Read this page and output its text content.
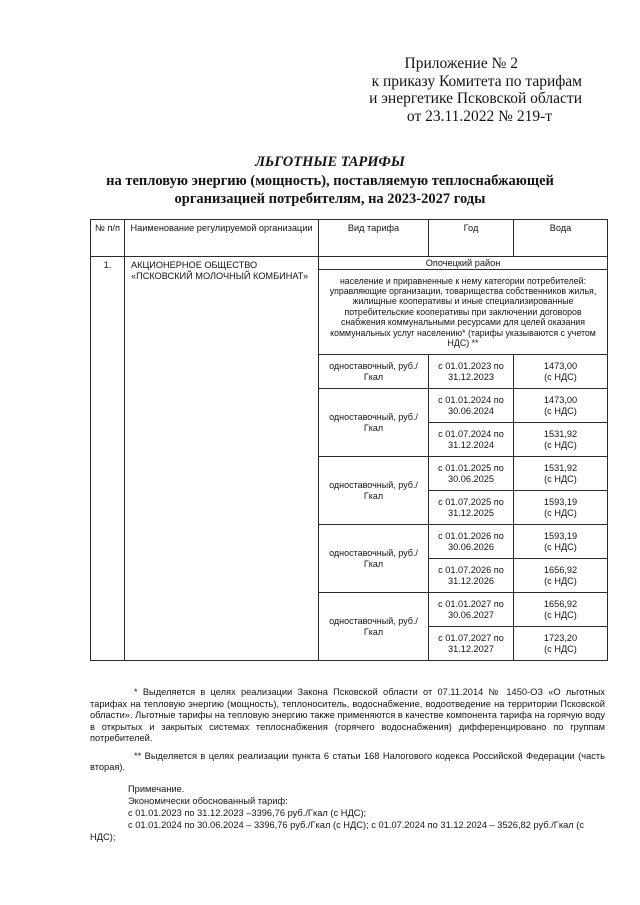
Приложение № 2
к приказу Комитета по тарифам
и энергетике Псковской области
от 23.11.2022 № 219-т
ЛЬГОТНЫЕ ТАРИФЫ
на тепловую энергию (мощность), поставляемую теплоснабжающей
организацией потребителям, на 2023-2027 годы
№ п/п	Наименование регулируемой организации	Вид тарифа	Год	Вода
1.	АКЦИОНЕРНОЕ ОБЩЕСТВО «ПСКОВСКИЙ МОЛОЧНЫЙ КОМБИНАТ»	Опочецкий район		
		население и приравненные к нему категории потребителей: управляющие организации, товарищества собственников жилья, жилищные кооперативы и иные специализированные потребительские кооперативы при заключении договоров снабжения коммунальными ресурсами для целей оказания коммунальных услуг населению* (тарифы указываются с учетом НДС) **		
		одноставочный, руб./Гкал	с 01.01.2023 по 31.12.2023	1473,00
(с НДС)

		одноставочный, руб./Гкал	с 01.01.2024 по 30.06.2024	1473,00
(с НДС)

			с 01.07.2024 по 31.12.2024	1531,92
(с НДС)

		одноставочный, руб./Гкал	с 01.01.2025 по 30.06.2025	1531,92
(с НДС)

			с 01.07.2025 по 31.12.2025	1593,19
(с НДС)

		одноставочный, руб./Гкал	с 01.01.2026 по 30.06.2026	1593,19
(с НДС)

			с 01.07.2026 по 31.12.2026	1656,92
(с НДС)

		одноставочный, руб./Гкал	с 01.01.2027 по 30.06.2027	1656,92
(с НДС)

			с 01.07.2027 по 31.12.2027	1723,20
(с НДС)

* Выделяется в целях реализации Закона Псковской области от 07.11.2014 № 1450-ОЗ «О льготных тарифах на тепловую энергию (мощность), теплоноситель, водоснабжение, водоотведение на территории Псковской области». Льготные тарифы на тепловую энергию также применяются в качестве компонента тарифа на горячую воду в открытых и закрытых системах теплоснабжения (горячего водоснабжения) дифференцировано по группам потребителей.

** Выделяется в целях реализации пункта 6 статьи 168 Налогового кодекса Российской Федерации (часть вторая).

Примечание.
Экономически обоснованный тариф:
с 01.01.2023 по 31.12.2023 –3396,76 руб./Гкал (с НДС);
с 01.01.2024 по 30.06.2024 – 3396,76 руб./Гкал (с НДС); с 01.07.2024 по 31.12.2024 – 3526,82 руб./Гкал (с НДС);
